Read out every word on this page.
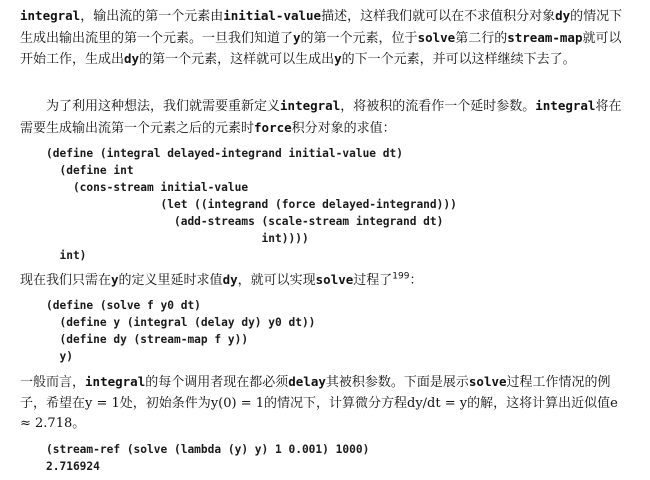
integral，输出流的第一个元素由initial-value描述，这样我们就可以在不求值积分对象dy的情况下生成出输出流里的第一个元素。一旦我们知道了y的第一个元素，位于solve第二行的stream-map就可以开始工作，生成出dy的第一个元素，这样就可以生成出y的下一个元素，并可以这样继续下去了。

为了利用这种想法，我们就需要重新定义integral，将被积的流看作一个延时参数。integral将在需要生成输出流第一个元素之后的元素时force积分对象的求值：

(define (integral delayed-integrand initial-value dt)
(define int
(cons-stream initial-value
(let ((integrand (force delayed-integrand)))
(add-streams (scale-stream integrand dt)
int))))
int)

现在我们只需在y的定义里延时求值dy，就可以实现solve过程了$^{199}$：

(define (solve f y0 dt)
(define y (integral (delay dy) y0 dt))
(define dy (stream-map f y))
y)

一般而言，integral的每个调用者现在都必须delay其被积参数。下面是展示solve过程工作情况的例子，希望在y = 1处，初始条件为y(0) = 1的情况下，计算微分方程dy/dt = y的解，这将计算出近似值e ≈ 2.718。

(stream-ref (solve (lambda (y) y) 1 0.001) 1000)
2.716924
